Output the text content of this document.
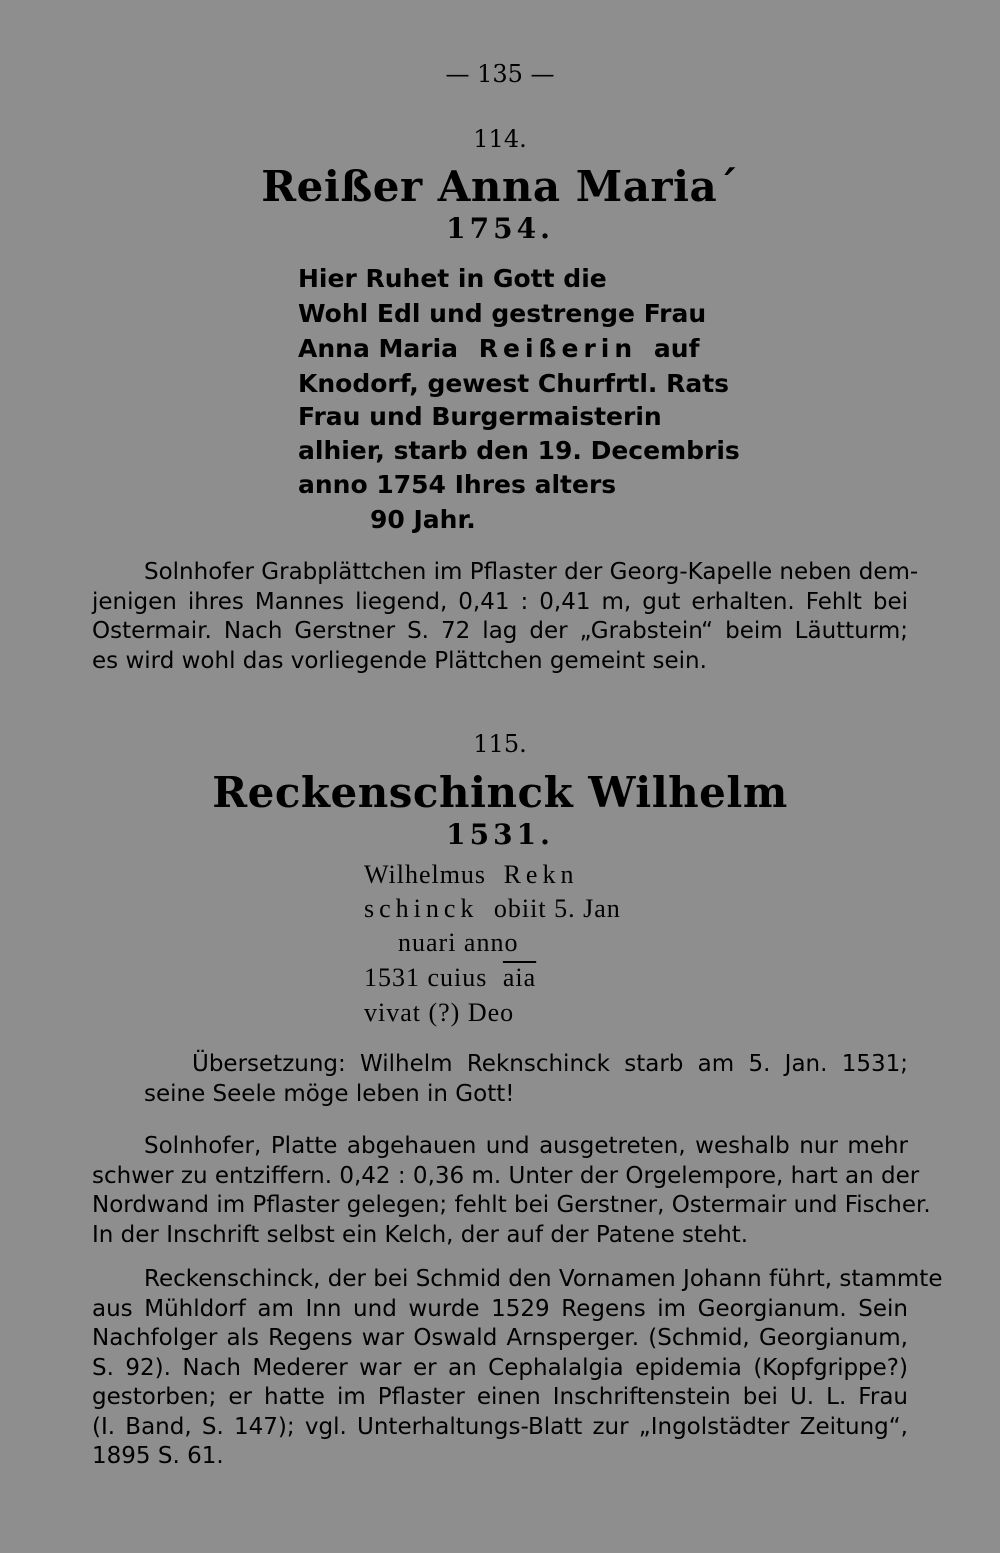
— 135 —
114.
Reißer Anna Maria´
1754.
Hier Ruhet in Gott die
Wohl Edl und gestrenge Frau
Anna Maria Reißerin auf
Knodorf, gewest Churfrtl. Rats
Frau und Burgermaisterin
alhier, starb den 19. Decembris
anno 1754 Ihres alters
90 Jahr.
Solnhofer Grabplättchen im Pflaster der Georg-Kapelle neben dem-
jenigen ihres Mannes liegend, 0,41 : 0,41 m, gut erhalten. Fehlt bei
Ostermair. Nach Gerstner S. 72 lag der „Grabstein“ beim Läutturm;
es wird wohl das vorliegende Plättchen gemeint sein.
115.
Reckenschinck Wilhelm
1531.
Wilhelmus Rekn
schinck obiit 5. Jan
nuari anno
1531 cuius $\overline{aia}$
vivat (?) Deo
Übersetzung: Wilhelm Reknschinck starb am 5. Jan. 1531;
seine Seele möge leben in Gott!
Solnhofer, Platte abgehauen und ausgetreten, weshalb nur mehr
schwer zu entziffern. 0,42 : 0,36 m. Unter der Orgelempore, hart an der
Nordwand im Pflaster gelegen; fehlt bei Gerstner, Ostermair und Fischer.
In der Inschrift selbst ein Kelch, der auf der Patene steht.
Reckenschinck, der bei Schmid den Vornamen Johann führt, stammte
aus Mühldorf am Inn und wurde 1529 Regens im Georgianum. Sein
Nachfolger als Regens war Oswald Arnsperger. (Schmid, Georgianum,
S. 92). Nach Mederer war er an Cephalalgia epidemia (Kopfgrippe?)
gestorben; er hatte im Pflaster einen Inschriftenstein bei U. L. Frau
(I. Band, S. 147); vgl. Unterhaltungs-Blatt zur „Ingolstädter Zeitung“,
1895 S. 61.
